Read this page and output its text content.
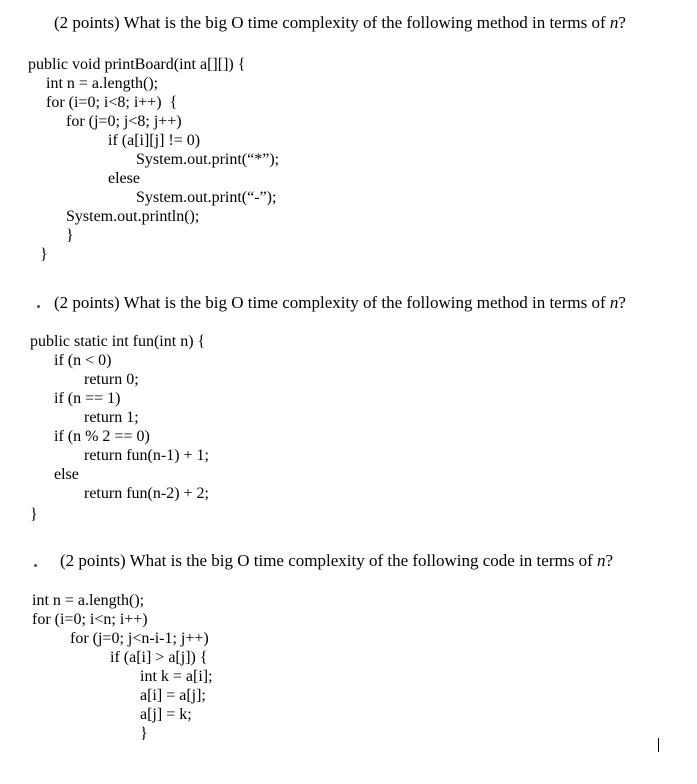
(2 points) What is the big O time complexity of the following method in terms of n?
public void printBoard(int a[][]) {
int n = a.length();
for (i=0; i<8; i++)  {
for (j=0; j<8; j++)
if (a[i][j] != 0)
System.out.print(“*”);
elese
System.out.print(“-”);
System.out.println();
}
}
(2 points) What is the big O time complexity of the following method in terms of n?
public static int fun(int n) {
if (n < 0)
return 0;
if (n == 1)
return 1;
if (n % 2 == 0)
return fun(n-1) + 1;
else
return fun(n-2) + 2;
}
(2 points) What is the big O time complexity of the following code in terms of n?
int n = a.length();
for (i=0; i<n; i++)
for (j=0; j<n-i-1; j++)
if (a[i] > a[j]) {
int k = a[i];
a[i] = a[j];
a[j] = k;
}
